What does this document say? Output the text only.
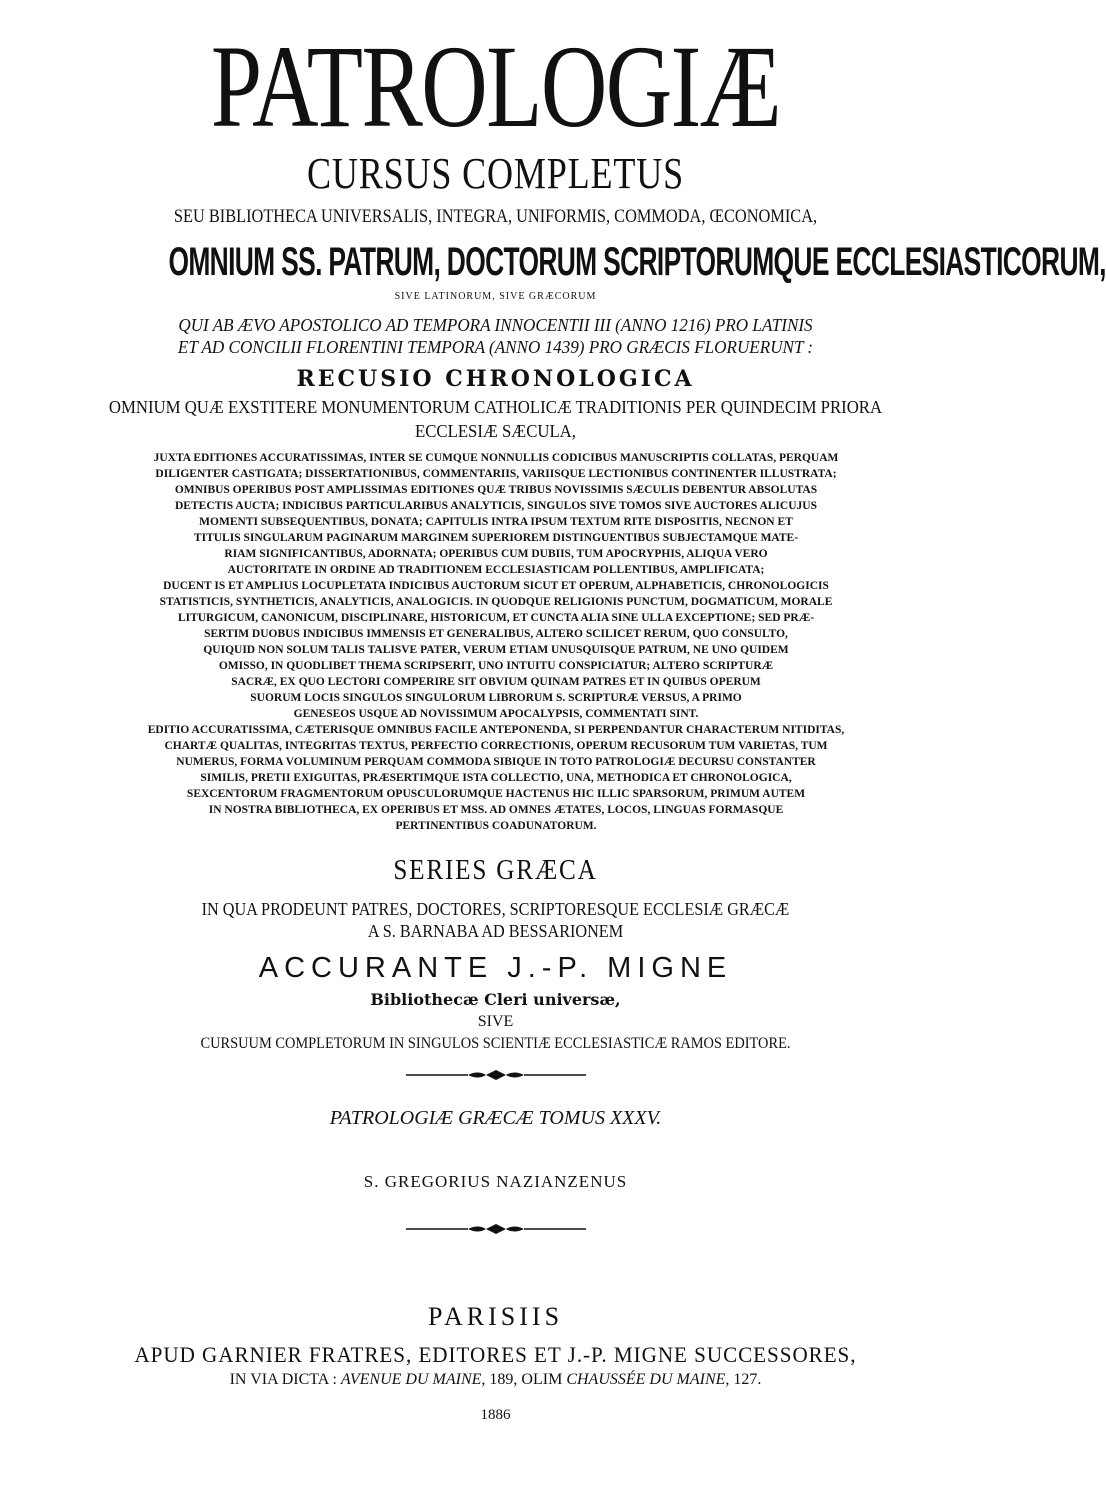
PATROLOGIÆ
CURSUS COMPLETUS
SEU BIBLIOTHECA UNIVERSALIS, INTEGRA, UNIFORMIS, COMMODA, ŒCONOMICA,
OMNIUM SS. PATRUM, DOCTORUM SCRIPTORUMQUE ECCLESIASTICORUM,
SIVE LATINORUM, SIVE GRÆCORUM
QUI AB ÆVO APOSTOLICO AD TEMPORA INNOCENTII III (ANNO 1216) PRO LATINIS
ET AD CONCILII FLORENTINI TEMPORA (ANNO 1439) PRO GRÆCIS FLORUERUNT :
RECUSIO CHRONOLOGICA
OMNIUM QUÆ EXSTITERE MONUMENTORUM CATHOLICÆ TRADITIONIS PER QUINDECIM PRIORA
ECCLESIÆ SÆCULA,
JUXTA EDITIONES ACCURATISSIMAS, INTER SE CUMQUE NONNULLIS CODICIBUS MANUSCRIPTIS COLLATAS, PERQUAM
DILIGENTER CASTIGATA; DISSERTATIONIBUS, COMMENTARIIS, VARIISQUE LECTIONIBUS CONTINENTER ILLUSTRATA;
OMNIBUS OPERIBUS POST AMPLISSIMAS EDITIONES QUÆ TRIBUS NOVISSIMIS SÆCULIS DEBENTUR ABSOLUTAS
DETECTIS AUCTA; INDICIBUS PARTICULARIBUS ANALYTICIS, SINGULOS SIVE TOMOS SIVE AUCTORES ALICUJUS
MOMENTI SUBSEQUENTIBUS, DONATA; CAPITULIS INTRA IPSUM TEXTUM RITE DISPOSITIS, NECNON ET
TITULIS SINGULARUM PAGINARUM MARGINEM SUPERIOREM DISTINGUENTIBUS SUBJECTAMQUE MATE-
RIAM SIGNIFICANTIBUS, ADORNATA; OPERIBUS CUM DUBIIS, TUM APOCRYPHIS, ALIQUA VERO
AUCTORITATE IN ORDINE AD TRADITIONEM ECCLESIASTICAM POLLENTIBUS, AMPLIFICATA;
DUCENT IS ET AMPLIUS LOCUPLETATA INDICIBUS AUCTORUM SICUT ET OPERUM, ALPHABETICIS, CHRONOLOGICIS
STATISTICIS, SYNTHETICIS, ANALYTICIS, ANALOGICIS. IN QUODQUE RELIGIONIS PUNCTUM, DOGMATICUM, MORALE
LITURGICUM, CANONICUM, DISCIPLINARE, HISTORICUM, ET CUNCTA ALIA SINE ULLA EXCEPTIONE; SED PRÆ-
SERTIM DUOBUS INDICIBUS IMMENSIS ET GENERALIBUS, ALTERO SCILICET RERUM, QUO CONSULTO,
QUIQUID NON SOLUM TALIS TALISVE PATER, VERUM ETIAM UNUSQUISQUE PATRUM, NE UNO QUIDEM
OMISSO, IN QUODLIBET THEMA SCRIPSERIT, UNO INTUITU CONSPICIATUR; ALTERO SCRIPTURÆ
SACRÆ, EX QUO LECTORI COMPERIRE SIT OBVIUM QUINAM PATRES ET IN QUIBUS OPERUM
SUORUM LOCIS SINGULOS SINGULORUM LIBRORUM S. SCRIPTURÆ VERSUS, A PRIMO
GENESEOS USQUE AD NOVISSIMUM APOCALYPSIS, COMMENTATI SINT.
EDITIO ACCURATISSIMA, CÆTERISQUE OMNIBUS FACILE ANTEPONENDA, SI PERPENDANTUR CHARACTERUM NITIDITAS,
CHARTÆ QUALITAS, INTEGRITAS TEXTUS, PERFECTIO CORRECTIONIS, OPERUM RECUSORUM TUM VARIETAS, TUM
NUMERUS, FORMA VOLUMINUM PERQUAM COMMODA SIBIQUE IN TOTO PATROLOGIÆ DECURSU CONSTANTER
SIMILIS, PRETII EXIGUITAS, PRÆSERTIMQUE ISTA COLLECTIO, UNA, METHODICA ET CHRONOLOGICA,
SEXCENTORUM FRAGMENTORUM OPUSCULORUMQUE HACTENUS HIC ILLIC SPARSORUM, PRIMUM AUTEM
IN NOSTRA BIBLIOTHECA, EX OPERIBUS ET MSS. AD OMNES ÆTATES, LOCOS, LINGUAS FORMASQUE
PERTINENTIBUS COADUNATORUM.
SERIES GRÆCA
IN QUA PRODEUNT PATRES, DOCTORES, SCRIPTORESQUE ECCLESIÆ GRÆCÆ
A S. BARNABA AD BESSARIONEM
ACCURANTE J.-P. MIGNE
Bibliothecæ Cleri universæ,
SIVE
CURSUUM COMPLETORUM IN SINGULOS SCIENTIÆ ECCLESIASTICÆ RAMOS EDITORE.
PATROLOGIÆ GRÆCÆ TOMUS XXXV.
S. GREGORIUS NAZIANZENUS
PARISIIS
APUD GARNIER FRATRES, EDITORES ET J.-P. MIGNE SUCCESSORES,
IN VIA DICTA : AVENUE DU MAINE, 189, OLIM CHAUSSÉE DU MAINE, 127.
1886
